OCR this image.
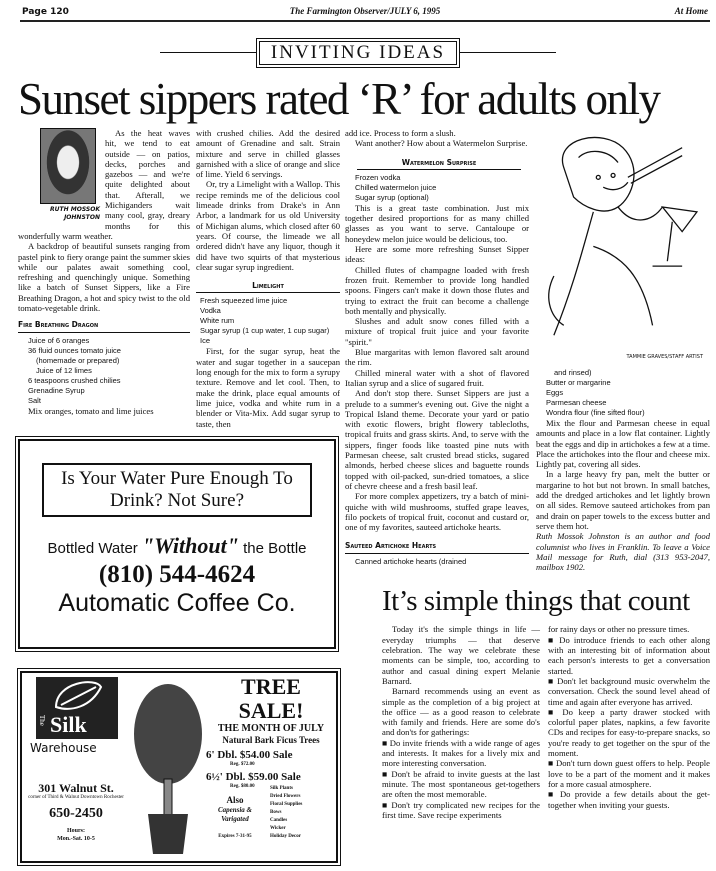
Page 120	The Farmington Observer/JULY 6, 1995	At Home
INVITING IDEAS
Sunset sippers rated ‘R’ for adults only
RUTH MOSSOK JOHNSTON

As the heat waves hit, we tend to eat outside — on patios, decks, porches and gazebos — and we're quite delighted about that. Afterall, we Michiganders wait many cool, gray, dreary months for this wonderfully warm weather.

A backdrop of beautiful sunsets ranging from pastel pink to fiery orange paint the summer skies while our palates await something cool, refreshing and quenchingly unique. Something like a batch of Sunset Sippers, like a Fire Breathing Dragon, a hot and spicy twist to the old tomato-vegetable drink.

Fire Breathing Dragon
Juice of 6 oranges
36 fluid ounces tomato juice
(homemade or prepared)
Juice of 12 limes
6 teaspoons crushed chilies
Grenadine Syrup
Salt

Mix oranges, tomato and lime juices

with crushed chilies. Add the desired amount of Grenadine and salt. Strain mixture and serve in chilled glasses garnished with a slice of orange and slice of lime. Yield 6 servings.

Or, try a Limelight with a Wallop. This recipe reminds me of the delicious cool limeade drinks from Drake's in Ann Arbor, a landmark for us old University of Michigan alums, which closed after 60 years. Of course, the limeade we all ordered didn't have any liquor, though it did have two squirts of that mysterious clear sugar syrup ingredient.

Limelight
Fresh squeezed lime juice
Vodka
White rum
Sugar syrup (1 cup water, 1 cup sugar)
Ice

First, for the sugar syrup, heat the water and sugar together in a saucepan long enough for the mix to form a syrupy texture. Remove and let cool. Then, to make the drink, place equal amounts of lime juice, vodka and white rum in a blender or Vita-Mix. Add sugar syrup to taste, then

Is Your Water Pure Enough To Drink? Not Sure?
Bottled Water "Without" the Bottle
(810) 544-4624
Automatic Coffee Co.
The Silk
Warehouse
301 Walnut St.
corner of Third & Walnut Downtown Rochester
650-2450
Hours:
Mon.-Sat. 10-5
TREE SALE!
THE MONTH OF JULY
Natural Bark Ficus Trees
6' Dbl. $54.00 Sale
Reg. $72.00
6½' Dbl. $59.00 Sale
Reg. $80.00
Also
Capensia & Varigated
Expires 7-31-95
Silk Plants
Dried Flowers
Floral Supplies
Bows
Candles
Wicker
Holiday Decor

add ice. Process to form a slush.

Want another? How about a Watermelon Surprise.

Watermelon Surprise
Frozen vodka
Chilled watermelon juice
Sugar syrup (optional)

This is a great taste combination. Just mix together desired proportions for as many chilled glasses as you want to serve. Cantaloupe or honeydew melon juice would be delicious, too.

Here are some more refreshing Sunset Sipper ideas:

Chilled flutes of champagne loaded with fresh frozen fruit. Remember to provide long handled spoons. Fingers can't make it down those flutes and trying to extract the fruit can become a challenge both mentally and physically.

Slushes and adult snow cones filled with a mixture of tropical fruit juice and your favorite "spirit."

Blue margaritas with lemon flavored salt around the rim.

Chilled mineral water with a shot of flavored Italian syrup and a slice of sugared fruit.

And don't stop there. Sunset Sippers are just a prelude to a summer's evening out. Give the night a Tropical Island theme. Decorate your yard or patio with exotic flowers, bright flowery tablecloths, tropical fruits and grass skirts. And, to serve with the sippers, finger foods like toasted pine nuts with Parmesan cheese, salt crusted bread sticks, sugared almonds, herbed cheese slices and baguette rounds topped with oil-packed, sun-dried tomatoes, a slice of chevre cheese and a fresh basil leaf.

For more complex appetizers, try a batch of mini-quiche with wild mushrooms, stuffed grape leaves, filo pockets of tropical fruit, coconut and custard or, one of my favorites, sauteed artichoke hearts.

Sauteed Artichoke Hearts
Canned artichoke hearts (drained
TAMMIE GRAVES/STAFF ARTIST
and rinsed)
Butter or margarine
Eggs
Parmesan cheese
Wondra flour (fine sifted flour)

Mix the flour and Parmesan cheese in equal amounts and place in a low flat container. Lightly beat the eggs and dip in artichokes a few at a time. Place the artichokes into the flour and cheese mix. Lightly pat, covering all sides.

In a large heavy fry pan, melt the butter or margarine to hot but not brown. In small batches, add the dredged artichokes and let lightly brown on all sides. Remove sauteed artichokes from pan and drain on paper towels to the excess butter and serve them hot.

Ruth Mossok Johnston is an author and food columnist who lives in Franklin. To leave a Voice Mail message for Ruth, dial (313 953-2047, mailbox 1902.

It’s simple things that count

Today it's the simple things in life — everyday triumphs — that deserve celebration. The way we celebrate these moments can be simple, too, according to author and casual dining expert Melanie Barnard.

Barnard recommends using an event as simple as the completion of a big project at the office — as a good reason to celebrate with family and friends. Here are some do's and don'ts for gatherings:

■ Do invite friends with a wide range of ages and interests. It makes for a lively mix and more interesting conversation.

■ Don't be afraid to invite guests at the last minute. The most spontaneous get-togethers are often the most memorable.

■ Don't try complicated new recipes for the first time. Save recipe experiments

for rainy days or other no pressure times.

■ Do introduce friends to each other along with an interesting bit of information about each person's interests to get a conversation started.

■ Don't let background music overwhelm the conversation. Check the sound level ahead of time and again after everyone has arrived.

■ Do keep a party drawer stocked with colorful paper plates, napkins, a few favorite CDs and recipes for easy-to-prepare snacks, so you're ready to get together on the spur of the moment.

■ Don't turn down guest offers to help. People love to be a part of the moment and it makes for a more casual atmosphere.

■ Do provide a few details about the get-together when inviting your guests.
